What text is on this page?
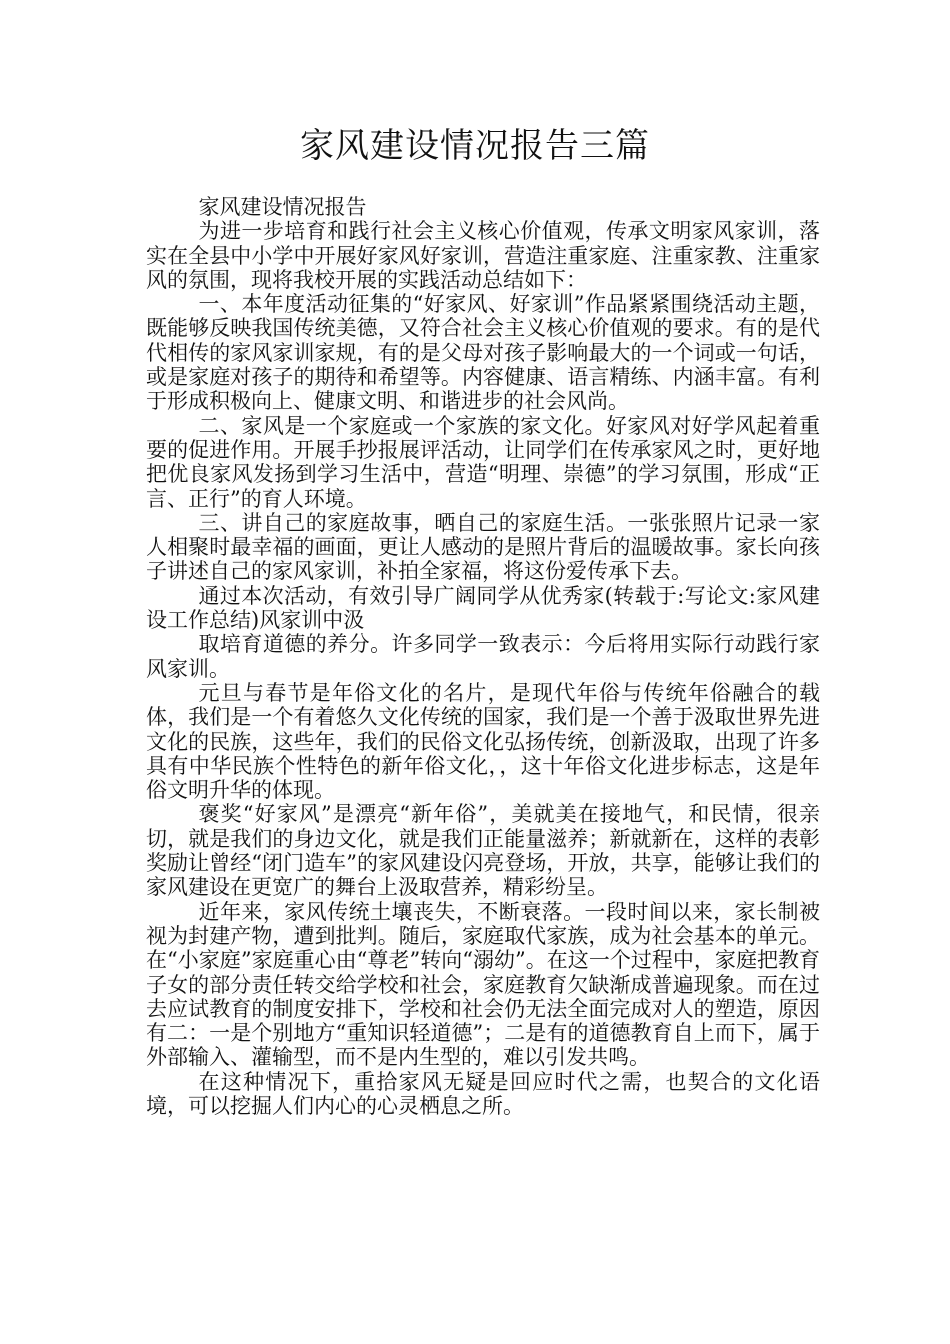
家风建设情况报告三篇

家风建设情况报告

为进一步培育和践行社会主义核心价值观，传承文明家风家训，落实在全县中小学中开展好家风好家训，营造注重家庭、注重家教、注重家风的氛围，现将我校开展的实践活动总结如下：

一、本年度活动征集的“好家风、好家训”作品紧紧围绕活动主题，既能够反映我国传统美德，又符合社会主义核心价值观的要求。有的是代代相传的家风家训家规，有的是父母对孩子影响最大的一个词或一句话，或是家庭对孩子的期待和希望等。内容健康、语言精练、内涵丰富。有利于形成积极向上、健康文明、和谐进步的社会风尚。

二、家风是一个家庭或一个家族的家文化。好家风对好学风起着重要的促进作用。开展手抄报展评活动，让同学们在传承家风之时，更好地把优良家风发扬到学习生活中，营造“明理、崇德”的学习氛围，形成“正言、正行”的育人环境。

三、讲自己的家庭故事，晒自己的家庭生活。一张张照片记录一家人相聚时最幸福的画面，更让人感动的是照片背后的温暖故事。家长向孩子讲述自己的家风家训，补拍全家福，将这份爱传承下去。

通过本次活动，有效引导广阔同学从优秀家(转载于:写论文:家风建设工作总结)风家训中汲

取培育道德的养分。许多同学一致表示：今后将用实际行动践行家风家训。

元旦与春节是年俗文化的名片，是现代年俗与传统年俗融合的载体，我们是一个有着悠久文化传统的国家，我们是一个善于汲取世界先进文化的民族，这些年，我们的民俗文化弘扬传统，创新汲取，出现了许多具有中华民族个性特色的新年俗文化，，这十年俗文化进步标志，这是年俗文明升华的体现。

褒奖“好家风”是漂亮“新年俗”，美就美在接地气，和民情，很亲切，就是我们的身边文化，就是我们正能量滋养；新就新在，这样的表彰奖励让曾经“闭门造车”的家风建设闪亮登场，开放，共享，能够让我们的家风建设在更宽广的舞台上汲取营养，精彩纷呈。

近年来，家风传统土壤丧失，不断衰落。一段时间以来，家长制被视为封建产物，遭到批判。随后，家庭取代家族，成为社会基本的单元。在“小家庭”家庭重心由“尊老”转向“溺幼”。在这一个过程中，家庭把教育子女的部分责任转交给学校和社会，家庭教育欠缺渐成普遍现象。而在过去应试教育的制度安排下，学校和社会仍无法全面完成对人的塑造，原因有二：一是个别地方“重知识轻道德”；二是有的道德教育自上而下，属于外部输入、灌输型，而不是内生型的，难以引发共鸣。

在这种情况下，重拾家风无疑是回应时代之需，也契合的文化语境，可以挖掘人们内心的心灵栖息之所。
